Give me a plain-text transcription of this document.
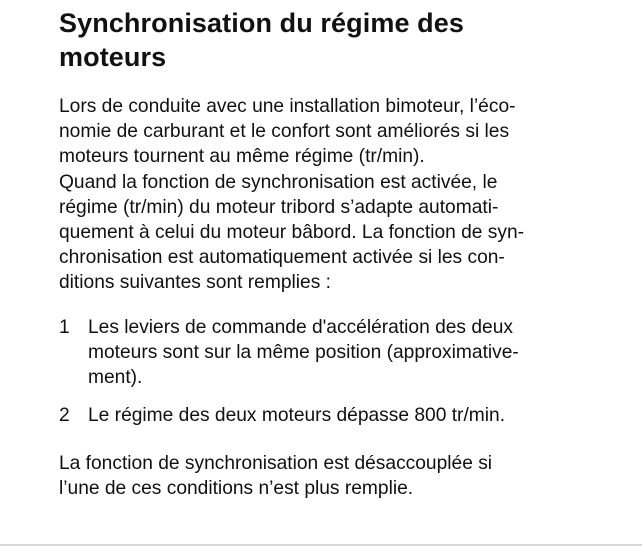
Synchronisation du régime des
moteurs
Lors de conduite avec une installation bimoteur, l’éco-
nomie de carburant et le confort sont améliorés si les
moteurs tournent au même régime (tr/min).
Quand la fonction de synchronisation est activée, le
régime (tr/min) du moteur tribord s’adapte automati-
quement à celui du moteur bâbord. La fonction de syn-
chronisation est automatiquement activée si les con-
ditions suivantes sont remplies :
1 Les leviers de commande d'accélération des deux
moteurs sont sur la même position (approximative-
ment).
2 Le régime des deux moteurs dépasse 800 tr/min.
La fonction de synchronisation est désaccouplée si
l’une de ces conditions n’est plus remplie.
